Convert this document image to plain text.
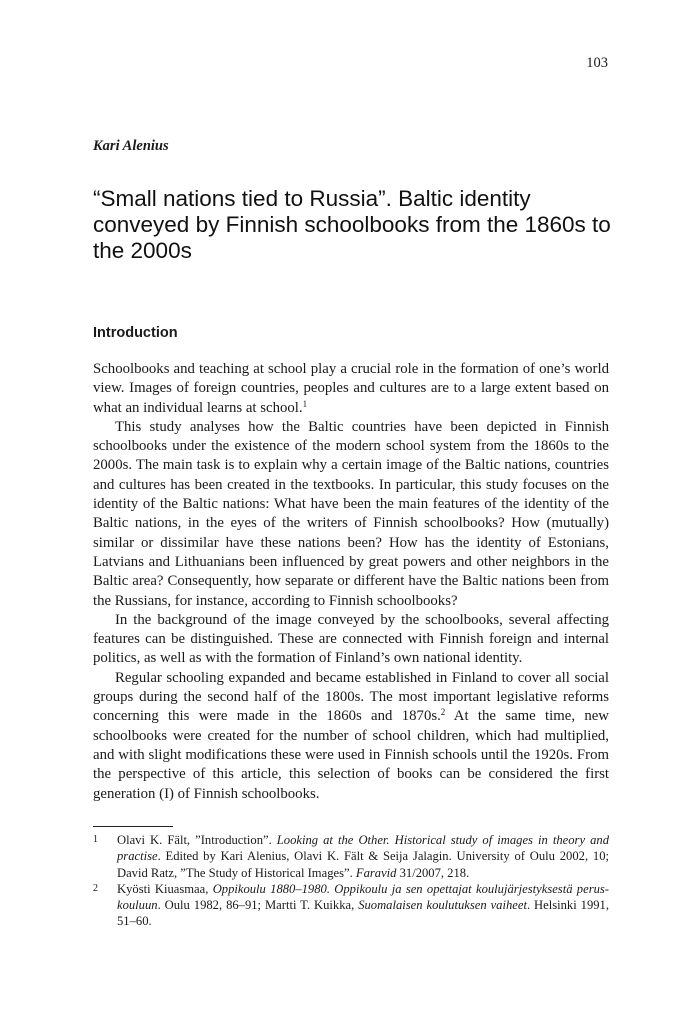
103
Kari Alenius
“Small nations tied to Russia”. Baltic identity conveyed by Finnish schoolbooks from the 1860s to the 2000s
Introduction

Schoolbooks and teaching at school play a crucial role in the formation of one’s world view. Images of foreign countries, peoples and cultures are to a large extent based on what an individual learns at school.$^1$

This study analyses how the Baltic countries have been depicted in Finnish schoolbooks under the existence of the modern school system from the 1860s to the 2000s. The main task is to explain why a certain image of the Baltic nations, countries and cultures has been created in the textbooks. In particular, this study focuses on the identity of the Baltic nations: What have been the main features of the identity of the Baltic nations, in the eyes of the writers of Finnish schoolbooks? How (mutually) similar or dissimilar have these nations been? How has the identity of Estonians, Latvians and Lithuanians been influenced by great powers and other neighbors in the Baltic area? Consequently, how separate or different have the Baltic nations been from the Russians, for instance, according to Finnish schoolbooks?

In the background of the image conveyed by the schoolbooks, several affecting features can be distinguished. These are connected with Finnish foreign and internal politics, as well as with the formation of Finland’s own national identity.

Regular schooling expanded and became established in Finland to cover all social groups during the second half of the 1800s. The most important legislative reforms concerning this were made in the 1860s and 1870s.$^2$ At the same time, new schoolbooks were created for the number of school children, which had multiplied, and with slight modifications these were used in Finnish schools until the 1920s. From the perspective of this article, this selection of books can be considered the first generation (I) of Finnish schoolbooks.

1 Olavi K. Fält, ”Introduction”. Looking at the Other. Historical study of images in theory and practise. Edited by Kari Alenius, Olavi K. Fält & Seija Jalagin. University of Oulu 2002, 10; David Ratz, ”The Study of Historical Images”. Faravid 31/2007, 218.
2 Kyösti Kiuasmaa, Oppikoulu 1880–1980. Oppikoulu ja sen opettajat koulujärjestyksestä peruskouluun. Oulu 1982, 86–91; Martti T. Kuikka, Suomalaisen koulutuksen vaiheet. Helsinki 1991, 51–60.
